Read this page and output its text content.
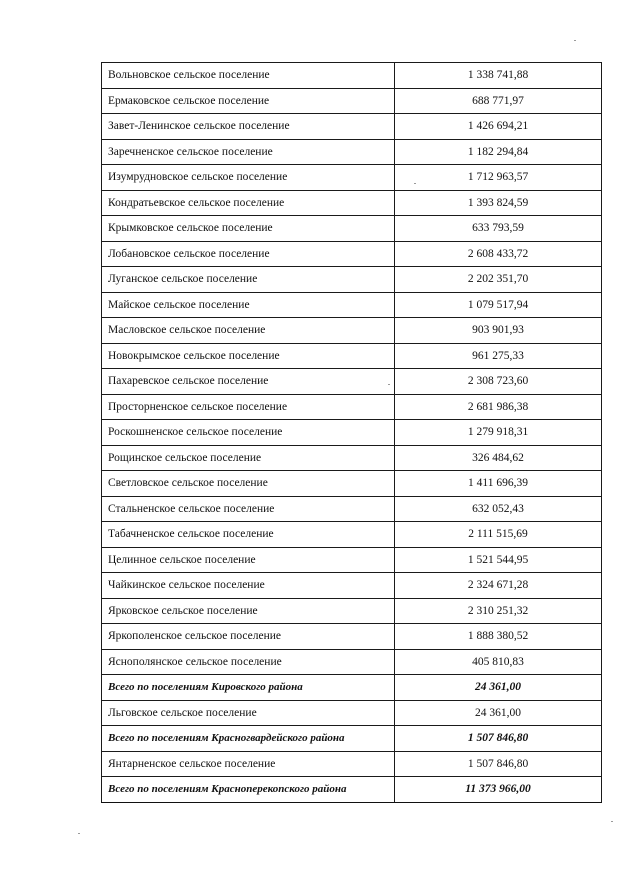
Вольновское сельское поселение	1 338 741,88
Ермаковское сельское поселение	688 771,97
Завет-Ленинское сельское поселение	1 426 694,21
Заречненское сельское поселение	1 182 294,84
Изумрудновское сельское поселение	1 712 963,57
Кондратьевское сельское поселение	1 393 824,59
Крымковское сельское поселение	633 793,59
Лобановское сельское поселение	2 608 433,72
Луганское сельское поселение	2 202 351,70
Майское сельское поселение	1 079 517,94
Масловское сельское поселение	903 901,93
Новокрымское сельское поселение	961 275,33
Пахаревское сельское поселение	2 308 723,60
Просторненское сельское поселение	2 681 986,38
Роскошненское сельское поселение	1 279 918,31
Рощинское сельское поселение	326 484,62
Светловское сельское поселение	1 411 696,39
Стальненское сельское поселение	632 052,43
Табачненское сельское поселение	2 111 515,69
Целинное сельское поселение	1 521 544,95
Чайкинское сельское поселение	2 324 671,28
Ярковское сельское поселение	2 310 251,32
Яркополенское сельское поселение	1 888 380,52
Яснополянское сельское поселение	405 810,83
Всего по поселениям Кировского района	24 361,00
Льговское сельское поселение	24 361,00
Всего по поселениям Красногвардейского района	1 507 846,80
Янтарненское сельское поселение	1 507 846,80
Всего по поселениям Красноперекопского района	11 373 966,00
